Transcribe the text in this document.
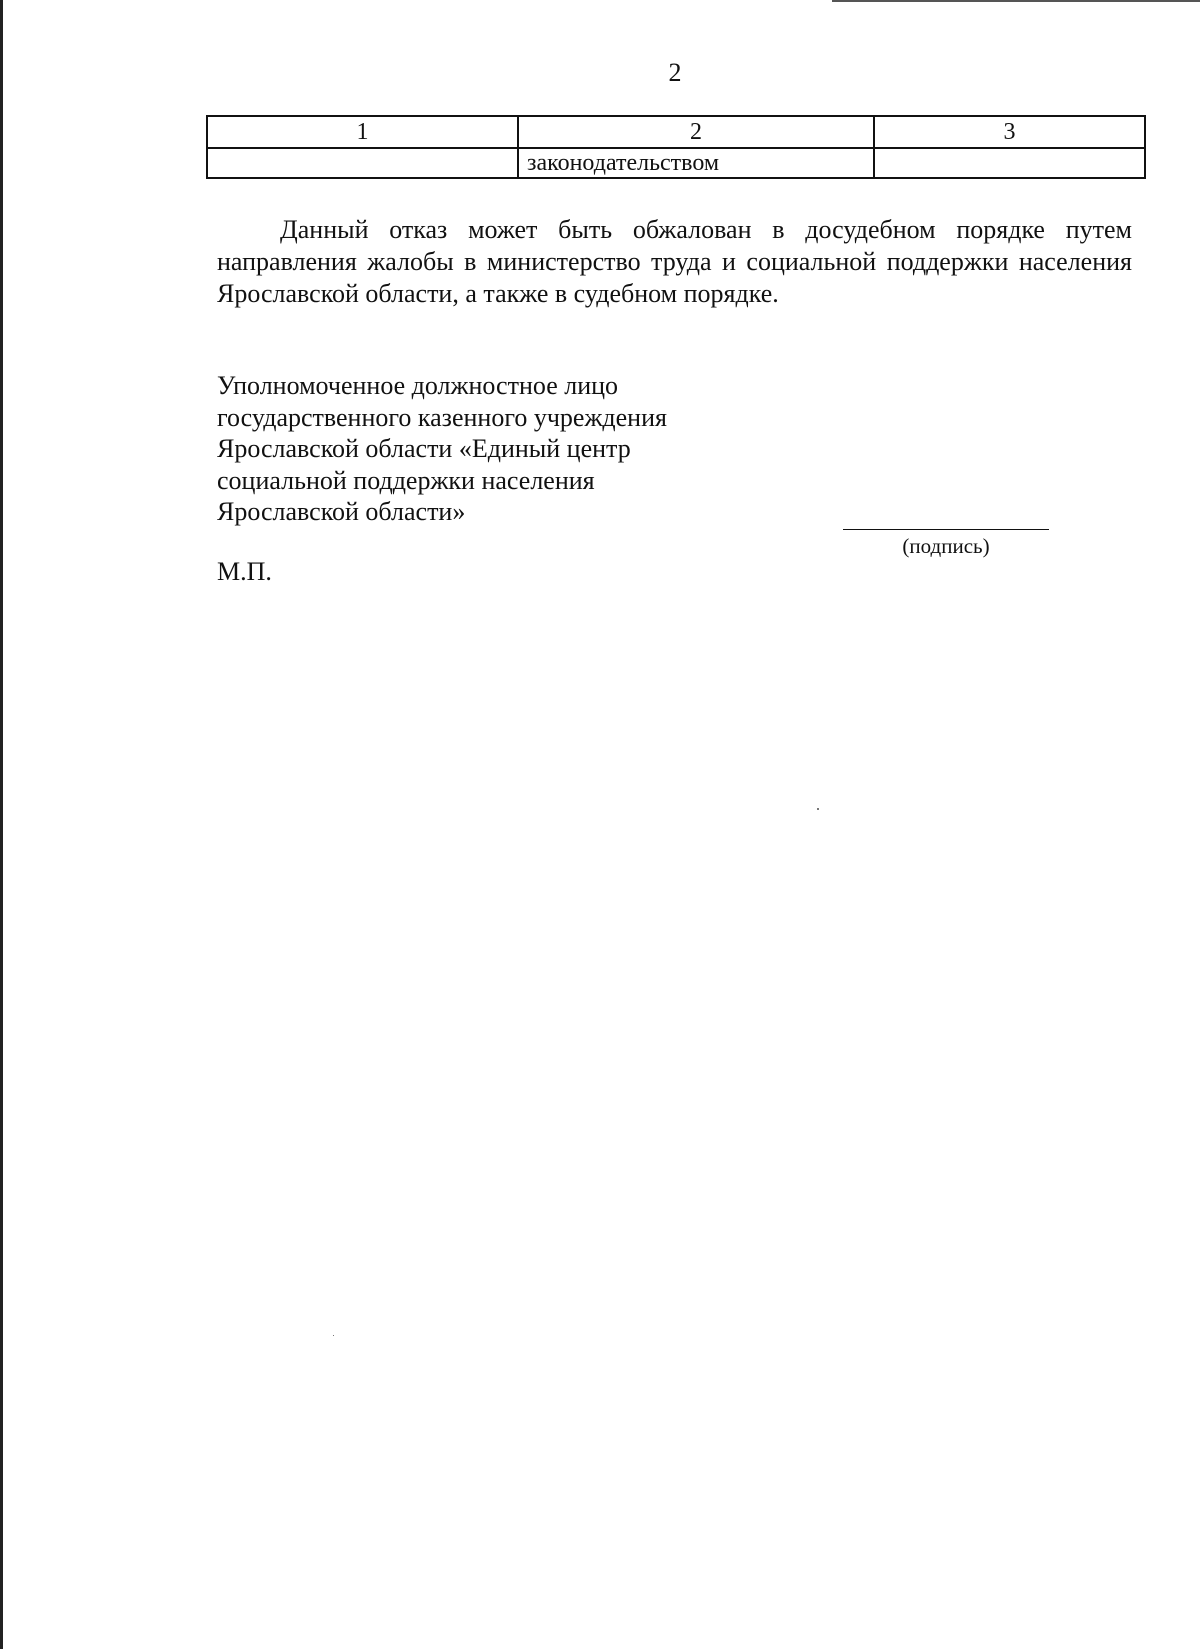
2
1	2	3
	законодательством	

Данный отказ может быть обжалован в досудебном порядке путем направления жалобы в министерство труда и социальной поддержки населения Ярославской области, а также в судебном порядке.

Уполномоченное должностное лицо
государственного казенного учреждения
Ярославской области «Единый центр
социальной поддержки населения
Ярославской области»
(подпись)
М.П.
